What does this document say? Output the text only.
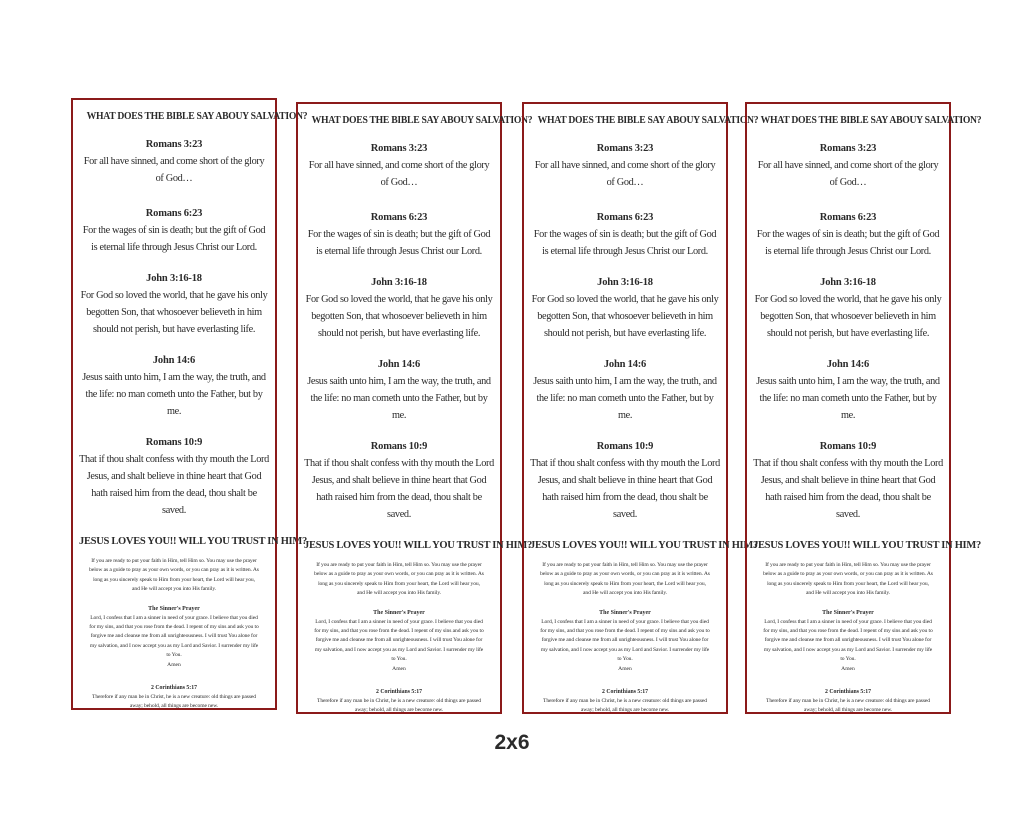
WHAT DOES THE BIBLE SAY ABOUY SALVATION?

Romans 3:23

For all have sinned, and come short of the glory of God…

Romans 6:23

For the wages of sin is death; but the gift of God is eternal life through Jesus Christ our Lord.

John 3:16-18

For God so loved the world, that he gave his only begotten Son, that whosoever believeth in him should not perish, but have everlasting life.

John 14:6

Jesus saith unto him, I am the way, the truth, and the life: no man cometh unto the Father, but by me.

Romans 10:9

That if thou shalt confess with thy mouth the Lord Jesus, and shalt believe in thine heart that God hath raised him from the dead, thou shalt be saved.

JESUS LOVES YOU!! WILL YOU TRUST IN HIM?

If you are ready to put your faith in Him, tell Him so. You may use the prayer below as a guide to pray as your own words, or you can pray as it is written. As long as you sincerely speak to Him from your heart, the Lord will hear you, and He will accept you into His family.

The Sinner's Prayer

Lord, I confess that I am a sinner in need of your grace. I believe that you died for my sins, and that you rose from the dead. I repent of my sins and ask you to forgive me and cleanse me from all unrighteousness. I will trust You alone for my salvation, and I now accept you as my Lord and Savior. I surrender my life to You.

Amen

2 Corinthians 5:17

Therefore if any man be in Christ, he is a new creature: old things are passed away; behold, all things are become new.

WHAT DOES THE BIBLE SAY ABOUY SALVATION?

Romans 3:23

For all have sinned, and come short of the glory of God…

Romans 6:23

For the wages of sin is death; but the gift of God is eternal life through Jesus Christ our Lord.

John 3:16-18

For God so loved the world, that he gave his only begotten Son, that whosoever believeth in him should not perish, but have everlasting life.

John 14:6

Jesus saith unto him, I am the way, the truth, and the life: no man cometh unto the Father, but by me.

Romans 10:9

That if thou shalt confess with thy mouth the Lord Jesus, and shalt believe in thine heart that God hath raised him from the dead, thou shalt be saved.

JESUS LOVES YOU!! WILL YOU TRUST IN HIM?

If you are ready to put your faith in Him, tell Him so. You may use the prayer below as a guide to pray as your own words, or you can pray as it is written. As long as you sincerely speak to Him from your heart, the Lord will hear you, and He will accept you into His family.

The Sinner's Prayer

Lord, I confess that I am a sinner in need of your grace. I believe that you died for my sins, and that you rose from the dead. I repent of my sins and ask you to forgive me and cleanse me from all unrighteousness. I will trust You alone for my salvation, and I now accept you as my Lord and Savior. I surrender my life to You.

Amen

2 Corinthians 5:17

Therefore if any man be in Christ, he is a new creature: old things are passed away; behold, all things are become new.

WHAT DOES THE BIBLE SAY ABOUY SALVATION?

Romans 3:23

For all have sinned, and come short of the glory of God…

Romans 6:23

For the wages of sin is death; but the gift of God is eternal life through Jesus Christ our Lord.

John 3:16-18

For God so loved the world, that he gave his only begotten Son, that whosoever believeth in him should not perish, but have everlasting life.

John 14:6

Jesus saith unto him, I am the way, the truth, and the life: no man cometh unto the Father, but by me.

Romans 10:9

That if thou shalt confess with thy mouth the Lord Jesus, and shalt believe in thine heart that God hath raised him from the dead, thou shalt be saved.

JESUS LOVES YOU!! WILL YOU TRUST IN HIM?

If you are ready to put your faith in Him, tell Him so. You may use the prayer below as a guide to pray as your own words, or you can pray as it is written. As long as you sincerely speak to Him from your heart, the Lord will hear you, and He will accept you into His family.

The Sinner's Prayer

Lord, I confess that I am a sinner in need of your grace. I believe that you died for my sins, and that you rose from the dead. I repent of my sins and ask you to forgive me and cleanse me from all unrighteousness. I will trust You alone for my salvation, and I now accept you as my Lord and Savior. I surrender my life to You.

Amen

2 Corinthians 5:17

Therefore if any man be in Christ, he is a new creature: old things are passed away; behold, all things are become new.

WHAT DOES THE BIBLE SAY ABOUY SALVATION?

Romans 3:23

For all have sinned, and come short of the glory of God…

Romans 6:23

For the wages of sin is death; but the gift of God is eternal life through Jesus Christ our Lord.

John 3:16-18

For God so loved the world, that he gave his only begotten Son, that whosoever believeth in him should not perish, but have everlasting life.

John 14:6

Jesus saith unto him, I am the way, the truth, and the life: no man cometh unto the Father, but by me.

Romans 10:9

That if thou shalt confess with thy mouth the Lord Jesus, and shalt believe in thine heart that God hath raised him from the dead, thou shalt be saved.

JESUS LOVES YOU!! WILL YOU TRUST IN HIM?

If you are ready to put your faith in Him, tell Him so. You may use the prayer below as a guide to pray as your own words, or you can pray as it is written. As long as you sincerely speak to Him from your heart, the Lord will hear you, and He will accept you into His family.

The Sinner's Prayer

Lord, I confess that I am a sinner in need of your grace. I believe that you died for my sins, and that you rose from the dead. I repent of my sins and ask you to forgive me and cleanse me from all unrighteousness. I will trust You alone for my salvation, and I now accept you as my Lord and Savior. I surrender my life to You.

Amen

2 Corinthians 5:17

Therefore if any man be in Christ, he is a new creature: old things are passed away; behold, all things are become new.

2x6
